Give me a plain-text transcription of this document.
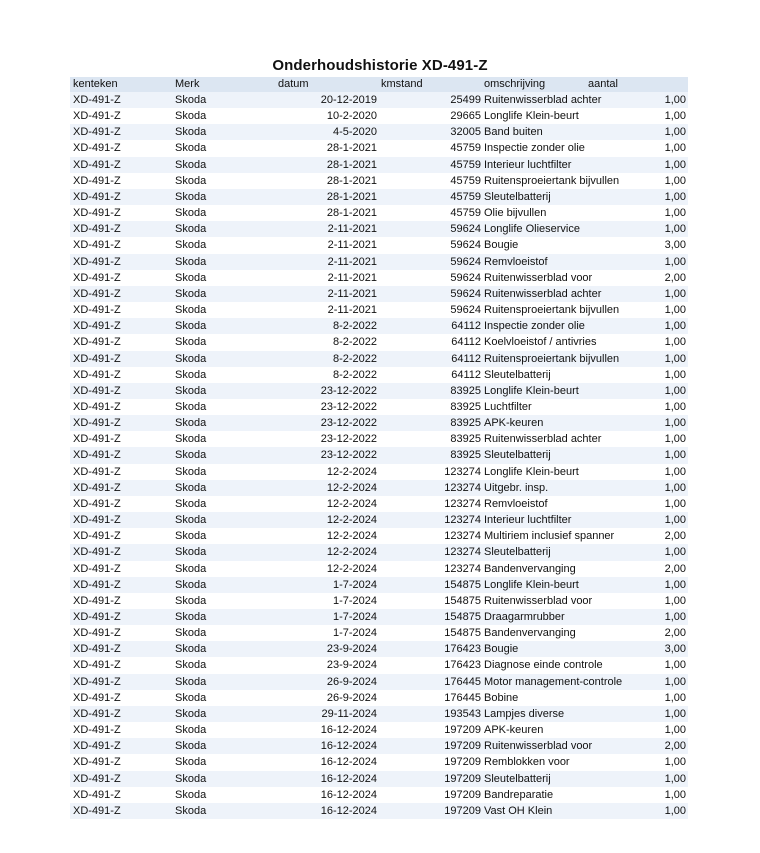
Onderhoudshistorie XD-491-Z
kenteken	Merk	datum	kmstand	omschrijving	aantal
XD-491-Z	Skoda	20-12-2019	25499 Ruitenwisserblad achter	1,00
XD-491-Z	Skoda	10-2-2020	29665 Longlife Klein-beurt	1,00
XD-491-Z	Skoda	4-5-2020	32005 Band buiten	1,00
XD-491-Z	Skoda	28-1-2021	45759 Inspectie zonder olie	1,00
XD-491-Z	Skoda	28-1-2021	45759 Interieur luchtfilter	1,00
XD-491-Z	Skoda	28-1-2021	45759 Ruitensproeiertank bijvullen	1,00
XD-491-Z	Skoda	28-1-2021	45759 Sleutelbatterij	1,00
XD-491-Z	Skoda	28-1-2021	45759 Olie bijvullen	1,00
XD-491-Z	Skoda	2-11-2021	59624 Longlife Olieservice	1,00
XD-491-Z	Skoda	2-11-2021	59624 Bougie	3,00
XD-491-Z	Skoda	2-11-2021	59624 Remvloeistof	1,00
XD-491-Z	Skoda	2-11-2021	59624 Ruitenwisserblad voor	2,00
XD-491-Z	Skoda	2-11-2021	59624 Ruitenwisserblad achter	1,00
XD-491-Z	Skoda	2-11-2021	59624 Ruitensproeiertank bijvullen	1,00
XD-491-Z	Skoda	8-2-2022	64112 Inspectie zonder olie	1,00
XD-491-Z	Skoda	8-2-2022	64112 Koelvloeistof / antivries	1,00
XD-491-Z	Skoda	8-2-2022	64112 Ruitensproeiertank bijvullen	1,00
XD-491-Z	Skoda	8-2-2022	64112 Sleutelbatterij	1,00
XD-491-Z	Skoda	23-12-2022	83925 Longlife Klein-beurt	1,00
XD-491-Z	Skoda	23-12-2022	83925 Luchtfilter	1,00
XD-491-Z	Skoda	23-12-2022	83925 APK-keuren	1,00
XD-491-Z	Skoda	23-12-2022	83925 Ruitenwisserblad achter	1,00
XD-491-Z	Skoda	23-12-2022	83925 Sleutelbatterij	1,00
XD-491-Z	Skoda	12-2-2024	123274 Longlife Klein-beurt	1,00
XD-491-Z	Skoda	12-2-2024	123274 Uitgebr. insp.	1,00
XD-491-Z	Skoda	12-2-2024	123274 Remvloeistof	1,00
XD-491-Z	Skoda	12-2-2024	123274 Interieur luchtfilter	1,00
XD-491-Z	Skoda	12-2-2024	123274 Multiriem inclusief spanner	2,00
XD-491-Z	Skoda	12-2-2024	123274 Sleutelbatterij	1,00
XD-491-Z	Skoda	12-2-2024	123274 Bandenvervanging	2,00
XD-491-Z	Skoda	1-7-2024	154875 Longlife Klein-beurt	1,00
XD-491-Z	Skoda	1-7-2024	154875 Ruitenwisserblad voor	1,00
XD-491-Z	Skoda	1-7-2024	154875 Draagarmrubber	1,00
XD-491-Z	Skoda	1-7-2024	154875 Bandenvervanging	2,00
XD-491-Z	Skoda	23-9-2024	176423 Bougie	3,00
XD-491-Z	Skoda	23-9-2024	176423 Diagnose einde controle	1,00
XD-491-Z	Skoda	26-9-2024	176445 Motor management-controle	1,00
XD-491-Z	Skoda	26-9-2024	176445 Bobine	1,00
XD-491-Z	Skoda	29-11-2024	193543 Lampjes diverse	1,00
XD-491-Z	Skoda	16-12-2024	197209 APK-keuren	1,00
XD-491-Z	Skoda	16-12-2024	197209 Ruitenwisserblad voor	2,00
XD-491-Z	Skoda	16-12-2024	197209 Remblokken voor	1,00
XD-491-Z	Skoda	16-12-2024	197209 Sleutelbatterij	1,00
XD-491-Z	Skoda	16-12-2024	197209 Bandreparatie	1,00
XD-491-Z	Skoda	16-12-2024	197209 Vast OH Klein	1,00
